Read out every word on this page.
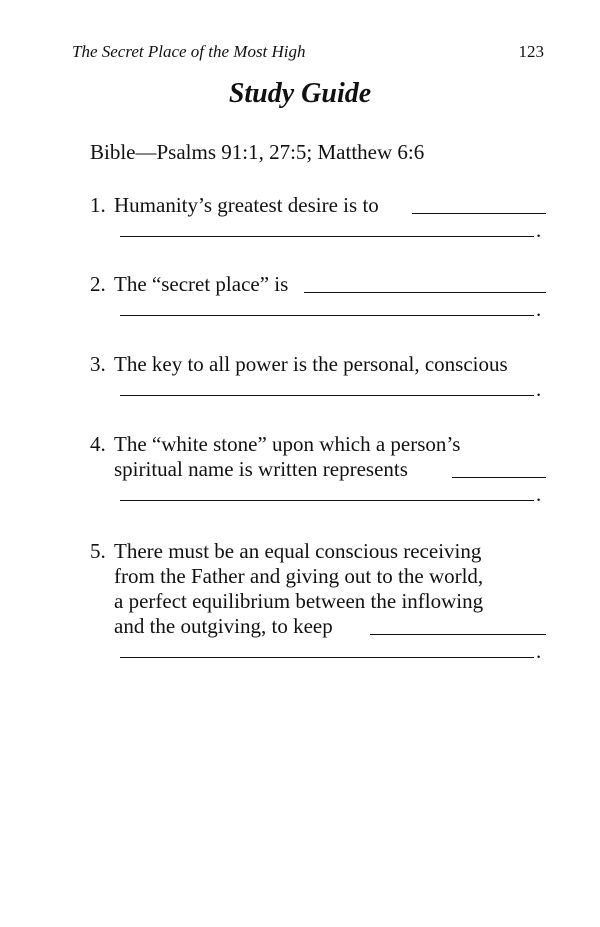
The Secret Place of the Most High	123
Study Guide
Bible—Psalms 91:1, 27:5; Matthew 6:6
1. Humanity’s greatest desire is to
.
2. The “secret place” is
.
3. The key to all power is the personal, conscious
.
4. The “white stone” upon which a person’s
spiritual name is written represents
.
5. There must be an equal conscious receiving
from the Father and giving out to the world,
a perfect equilibrium between the inflowing
and the outgiving, to keep
.
